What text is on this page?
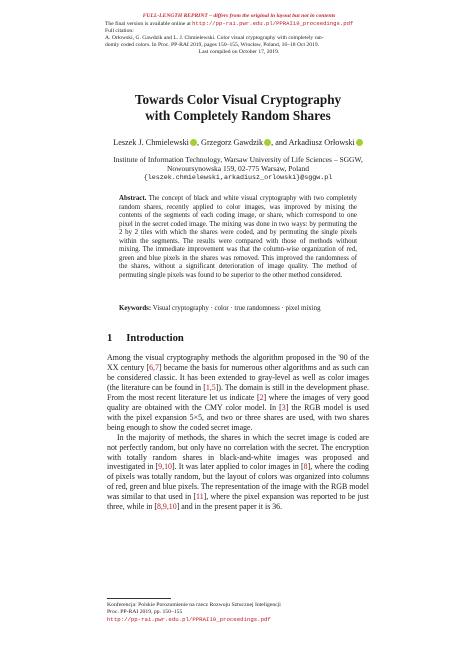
FULL-LENGTH REPRINT – differs from the original in layout but not in contents
The final version is available online at http://pp-rai.pwr.edu.pl/PPRAI19_proceedings.pdf
Full citation:
A. Orłowski, G. Gawdzik and L. J. Chmielewski. Color visual cryptography with completely ran-
domly coded colors. In Proc. PP-RAI 2019, pages 150–155, Wrocław, Poland, 16–18 Oct 2019.
Last compiled on October 17, 2019.
Towards Color Visual Cryptography
with Completely Random Shares
Leszek J. Chmielewski , Grzegorz Gawdzik , and Arkadiusz Orłowski
Institute of Information Technology, Warsaw University of Life Sciences – SGGW,
Nowoursynowska 159, 02-775 Warsaw, Poland
{leszek.chmielewski,arkadiusz_orlowski}@sggw.pl
Abstract. The concept of black and white visual cryptography with two completely random shares, recently applied to color images, was improved by mixing the contents of the segments of each coding image, or share, which correspond to one pixel in the secret coded image. The mixing was done in two ways: by permuting the 2 by 2 tiles with which the shares were coded, and by permuting the single pixels within the segments. The results were compared with those of methods without mixing. The immediate improvement was that the column-wise organization of red, green and blue pixels in the shares was removed. This improved the randomness of the shares, without a significant deterioration of image quality. The method of permuting single pixels was found to be superior to the other method considered.
Keywords: Visual cryptography · color · true randomness · pixel mixing
1 Introduction

Among the visual cryptography methods the algorithm proposed in the '90 of the XX century [6,7] became the basis for numerous other algorithms and as such can be considered classic. It has been extended to gray-level as well as color images (the literature can be found in [1,5]). The domain is still in the development phase. From the most recent literature let us indicate [2] where the images of very good quality are obtained with the CMY color model. In [3] the RGB model is used with the pixel expansion 5×5, and two or three shares are used, with two shares being enough to show the coded secret image.

In the majority of methods, the shares in which the secret image is coded are not perfectly random, but only have no correlation with the secret. The encryption with totally random shares in black-and-white images was proposed and investigated in [9,10]. It was later applied to color images in [8], where the coding of pixels was totally random, but the layout of colors was organized into columns of red, green and blue pixels. The representation of the image with the RGB model was similar to that used in [11], where the pixel expansion was reported to be just three, while in [8,9,10] and in the present paper it is 36.

Konferencja: Polskie Porozumienie na rzecz Rozwoju Sztucznej Inteligencji
Proc. PP-RAI 2019, pp. 150–155
http://pp-rai.pwr.edu.pl/PPRAI19_proceedings.pdf
